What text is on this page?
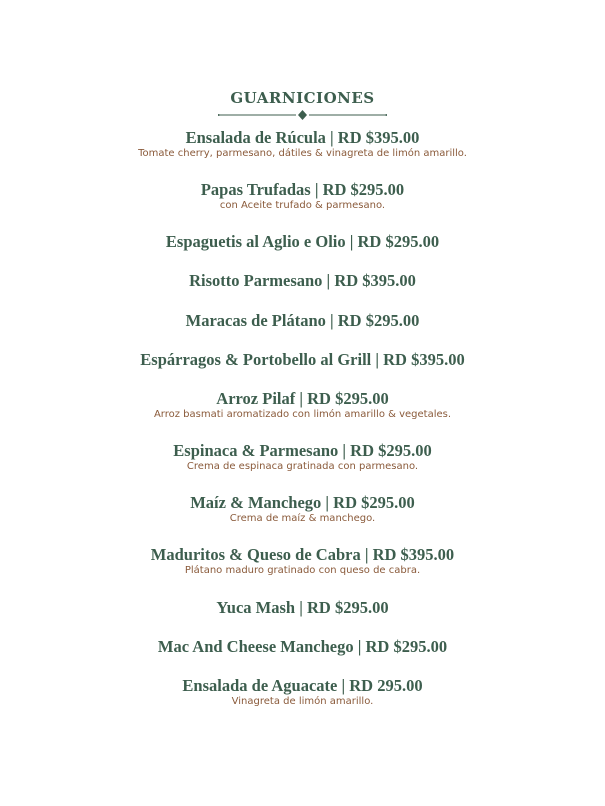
GUARNICIONES
Ensalada de Rúcula | RD $395.00
Tomate cherry, parmesano, dátiles & vinagreta de limón amarillo.
Papas Trufadas | RD $295.00
con Aceite trufado & parmesano.
Espaguetis al Aglio e Olio | RD $295.00
Risotto Parmesano | RD $395.00
Maracas de Plátano | RD $295.00
Espárragos & Portobello al Grill | RD $395.00
Arroz Pilaf | RD $295.00
Arroz basmati aromatizado con limón amarillo & vegetales.
Espinaca & Parmesano | RD $295.00
Crema de espinaca gratinada con parmesano.
Maíz & Manchego | RD $295.00
Crema de maíz & manchego.
Maduritos & Queso de Cabra | RD $395.00
Plátano maduro gratinado con queso de cabra.
Yuca Mash | RD $295.00
Mac And Cheese Manchego | RD $295.00
Ensalada de Aguacate | RD 295.00
Vinagreta de limón amarillo.
